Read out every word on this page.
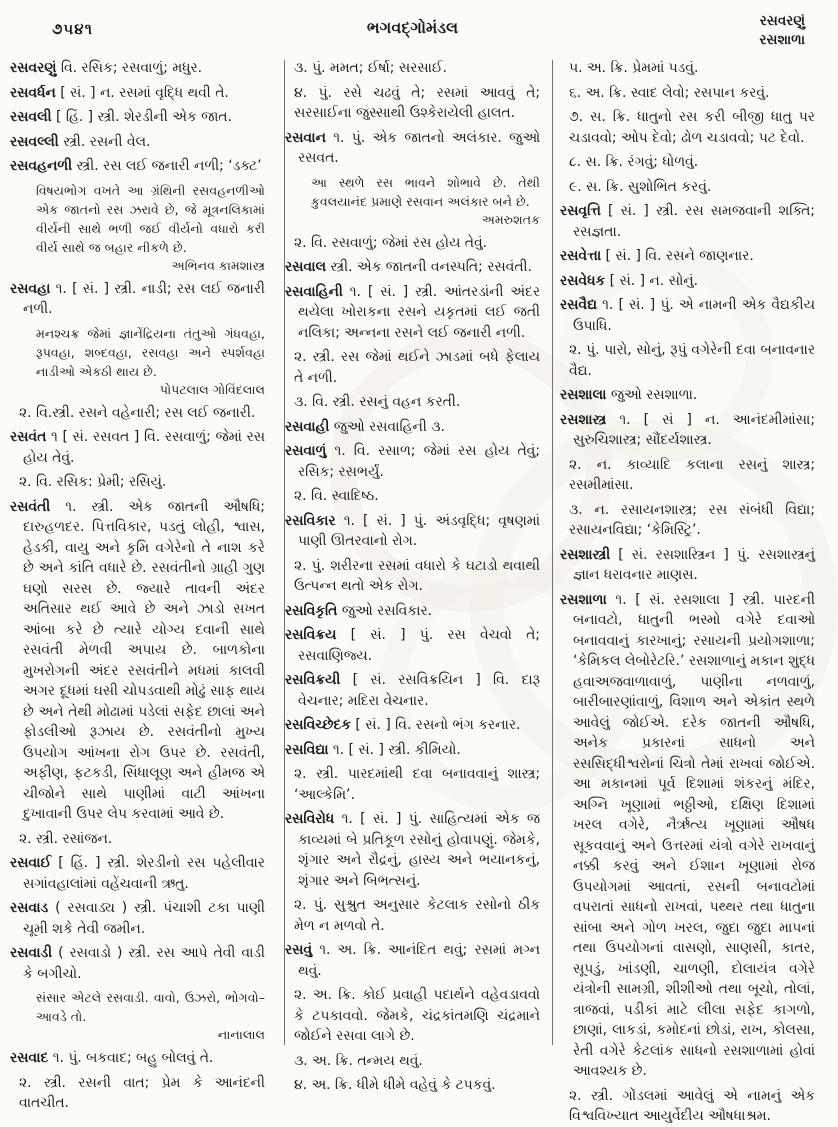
૭૫૪૧	ભગવદ્ગોમંડલ	રસવરણું
રસશાળા

રસવરણું વિ. રસિક; રસવાળું; મધુર.

રસવર્ધન [ સં. ] ન. રસમાં વૃદ્ધિ થવી તે.

રસવલી [ હિં. ] સ્ત્રી. શેરડીની એક જાત.

રસવલ્લી સ્ત્રી. રસની વેલ.

રસવહનળી સ્ત્રી. રસ લઈ જનારી નળી; ‘ડક્ટ’

વિષયભોગ વખતે આ ગ્રંથિની રસવહનળીઓ એક જાતનો રસ ઝરાવે છે, જે મૂત્રનલિકામાં વીર્યની સાથે ભળી જઈ વીર્યનો વધારો કરી વીર્ય સાથે જ બહાર નીકળે છે.

અભિનવ કામશાસ્ત્ર

રસવહા ૧. [ સં. ] સ્ત્રી. નાડી; રસ લઈ જનારી નળી.

મનશ્ચક્ર જેમાં જ્ઞાનેંદ્રિયના તંતુઓ ગંધવહા, રૂપવહા, શબ્દવહા, રસવહા અને સ્પર્શવહા નાડીઓ એકઠી થાય છે.

પોપટલાલ ગોવિંદલાલ

૨. વિ.સ્ત્રી. રસને વહેનારી; રસ લઈ જનારી.

રસવંત ૧ [ સં. રસવત ] વિ. રસવાળું; જેમાં રસ હોય તેવું.

૨. વિ. રસિક: પ્રેમી; રસિયું.

રસવંતી ૧. સ્ત્રી. એક જાતની ઔષધિ; દારુહળદર. પિત્તવિકાર, પડતું લોહી, શ્વાસ, હેડકી, વાયુ અને કૃમિ વગેરેનો તે નાશ કરે છે અને કાંતિ વધારે છે. રસવંતીનો ગ્રાહી ગુણ ઘણો સરસ છે. જ્યારે તાવની અંદર અતિસાર થઈ આવે છે અને ઝાડો સખત આંબા કરે છે ત્યારે યોગ્ય દવાની સાથે રસવંતી મેળવી અપાય છે. બાળકોના મુખરોગની અંદર રસવંતીને મધમાં કાલવી અગર દૂધમાં ઘસી ચોપડવાથી મોઢું સાફ થાય છે અને તેથી મોઢામાં પડેલાં સફેદ છાલાં અને ફોડલીઓ રૂઝાય છે. રસવંતીનો મુખ્ય ઉપયોગ આંખના રોગ ઉપર છે. રસવંતી, અફીણ, ફટકડી, સિંધાલૂણ અને હીમજ એ ચીજોને સાથે પાણીમાં વાટી આંખના દુખાવાની ઉપર લેપ કરવામાં આવે છે.

૨. સ્ત્રી. રસાંજન.

રસવાઈ [ હિં. ] સ્ત્રી. શેરડીનો રસ પહેલીવાર સગાંવહાલાંમાં વહેંચવાની ઋતુ.

રસવાડ ( રસવાડ્ય ) સ્ત્રી. પંચાશી ટકા પાણી ચૂમી શકે તેવી જમીન.

રસવાડી ( રસવાડો ) સ્ત્રી. રસ આપે તેવી વાડી કે બગીચો.

સંસાર એટલે રસવાડી. વાવો, ઉઝરો, ભોગવો– આવડે તો.

નાનાલાલ

રસવાદ ૧. પું. બકવાદ; બહુ બોલવું તે.

૨. સ્ત્રી. રસની વાત; પ્રેમ કે આનંદની વાતચીત.

૩. પું. મમત; ઈર્ષા; સરસાઈ.

૪. પું. રસે ચઢવું તે; રસમાં આવવું તે; સરસાઈના જુસ્સાથી ઉશ્કેરાયેલી હાલત.

રસવાન ૧. પું. એક જાતનો અલંકાર. જુઓ રસવત.

આ સ્થળે રસ ભાવને શોભાવે છે. તેથી કુવલયાનંદ પ્રમાણે રસવાન અલંકાર બને છે.

અમરુશતક

૨. વિ. રસવાળું; જેમાં રસ હોય તેવું.

રસવાલ સ્ત્રી. એક જાતની વનસ્પતિ; રસવંતી.

રસવાહિની ૧. [ સં. ] સ્ત્રી. આંતરડાંની અંદર થયેલા ખોરાકના રસને યકૃતમાં લઈ જતી નલિકા; અન્નના રસને લઈ જનારી નળી.

૨. સ્ત્રી. રસ જેમાં થઈને ઝાડમાં બધે ફેલાય તે નળી.

૩. વિ. સ્ત્રી. રસનું વહન કરતી.

રસવાહી જુઓ રસવાહિની ૩.

રસવાળું ૧. વિ. રસાળ; જેમાં રસ હોય તેવું; રસિક; રસભર્યું.

૨. વિ. સ્વાદિષ્ઠ.

રસવિકાર ૧. [ સં. ] પું. અંડવૃદ્ધિ; વૃષણમાં પાણી ઊતરવાનો રોગ.

૨. પું. શરીરના રસમાં વધારો કે ઘટાડો થવાથી ઉત્પન્ન થતો એક રોગ.

રસવિકૃતિ જુઓ રસવિકાર.

રસવિક્રય [ સં. ] પું. રસ વેચવો તે; રસવાણિજ્ય.

રસવિક્રયી [ સં. રસવિક્રયિન ] વિ. દારૂ વેચનાર; મદિરા વેચનાર.

રસવિચ્છેદક [ સં. ] વિ. રસનો ભંગ કરનાર.

રસવિદ્યા ૧. [ સં. ] સ્ત્રી. કીમિયો.

૨. સ્ત્રી. પારદમાંથી દવા બનાવવાનું શાસ્ત્ર; ‘આલ્કેમિ’.

રસવિરોધ ૧. [ સં. ] પું. સાહિત્યમાં એક જ કાવ્યમાં બે પ્રતિકૂળ રસોનું હોવાપણું. જેમકે, શૃંગાર અને રૌદ્રનું, હાસ્ય અને ભયાનકનું, શૃંગાર અને બિભત્સનું.

૨. પું. સુશ્રુત અનુસાર કેટલાક રસોનો ઠીક મેળ ન મળવો તે.

રસવું ૧. અ. ક્રિ. આનંદિત થવું; રસમાં મગ્ન થવું.

૨. અ. ક્રિ. કોઈ પ્રવાહી પદાર્થને વહેવડાવવો કે ટપકાવવો. જેમકે, ચંદ્રકાંતમણિ ચંદ્રમાને જોઈને રસવા લાગે છે.

૩. અ. ક્રિ. તન્મય થવું.

૪. અ. ક્રિ. ધીમે ધીમે વહેવું કે ટપકવું.

૫. અ. ક્રિ. પ્રેમમાં પડવું.

૬. અ. ક્રિ. સ્વાદ લેવો; રસપાન કરવું.

૭. સ. ક્રિ. ધાતુનો રસ કરી બીજી ધાતુ પર ચડાવવો; ઓપ દેવો; ઢોળ ચડાવવો; પટ દેવો.

૮. સ. ક્રિ. રંગવું; ધોળવું.

૯. સ. ક્રિ. સુશોભિત કરવું.

રસવૃત્તિ [ સં. ] સ્ત્રી. રસ સમજવાની શક્તિ; રસજ્ઞતા.

રસવેત્તા [ સં. ] વિ. રસને જાણનાર.

રસવેધક [ સં. ] ન. સોનું.

રસવૈદ્ય ૧. [ સં. ] પું. એ નામની એક વૈદ્યકીય ઉપાધિ.

૨. પું. પારો, સોનું, રૂપું વગેરેની દવા બનાવનાર વૈદ્ય.

રસશાલા જુઓ રસશાળા.

રસશાસ્ત્ર ૧. [ સં ] ન. આનંદમીમાંસા; સુરુચિશાસ્ત્ર; સૌંદર્યશાસ્ત્ર.

૨. ન. કાવ્યાદિ કલાના રસનું શાસ્ત્ર; રસમીમાંસા.

૩. ન. રસાયનશાસ્ત્ર; રસ સંબંધી વિદ્યા; રસાયનવિદ્યા; ‘કેમિસ્ટ્રિ’.

રસશાસ્ત્રી [ સં. રસશાસ્ત્રિન ] પું. રસશાસ્ત્રનું જ્ઞાન ધરાવનાર માણસ.

રસશાળા ૧. [ સં. રસશાલા ] સ્ત્રી. પારદની બનાવટો, ધાતુની ભસ્મો વગેરે દવાઓ બનાવવાનું કારખાનું; રસાયની પ્રયોગશાળા; ‘કેમિકલ લેબોરેટરિ.’ રસશાળાનું મકાન શુદ્ધ હવાઅજવાળાવાળું, પાણીના નળવાળું, બારીબારણાંવાળું, વિશાળ અને એકાંત સ્થળે આવેલું જોઈએ. દરેક જાતની ઔષધિ, અનેક પ્રકારનાં સાધનો અને રસસિદ્ધીશ્વરોનાં ચિત્રો તેમાં રાખવાં જોઈએ. આ મકાનમાં પૂર્વ દિશામાં શંકરનું મંદિર, અગ્નિ ખૂણામાં ભઠ્ઠીઓ, દક્ષિણ દિશામાં ખરલ વગેરે, નૈર્ઋત્ય ખૂણામાં ઔષધ સૂકવવાનું અને ઉત્તરમાં યંત્રો વગેરે રાખવાનું નક્કી કરવું અને ઈશાન ખૂણામાં રોજ ઉપયોગમાં આવતાં, રસની બનાવટોમાં વપરાતાં સાધનો રાખવાં, પથ્થર તથા ધાતુના સાંબા અને ગોળ ખરલ, જુદા જુદા માપનાં તથા ઉપયોગનાં વાસણો, સાણસી, કાતર, સૂપડું, ખાંડણી, ચાળણી, દોલાયંત્ર વગેરે યંત્રોની સામગ્રી, શીશીઓ તથા બૂચો, તોલાં, ત્રાજવાં, પડીકાં માટે લીલા સફેદ કાગળો, છાણાં, લાકડાં, કમોદનાં છોડાં, રાખ, કોલસા, રેતી વગેરે કેટલાંક સાધનો રસશાળામાં હોવાં આવશ્યક છે.

૨. સ્ત્રી. ગોંડલમાં આવેલું એ નામનું એક વિશ્વવિખ્યાત આયુર્વેદીય ઔષધાશ્રમ.
